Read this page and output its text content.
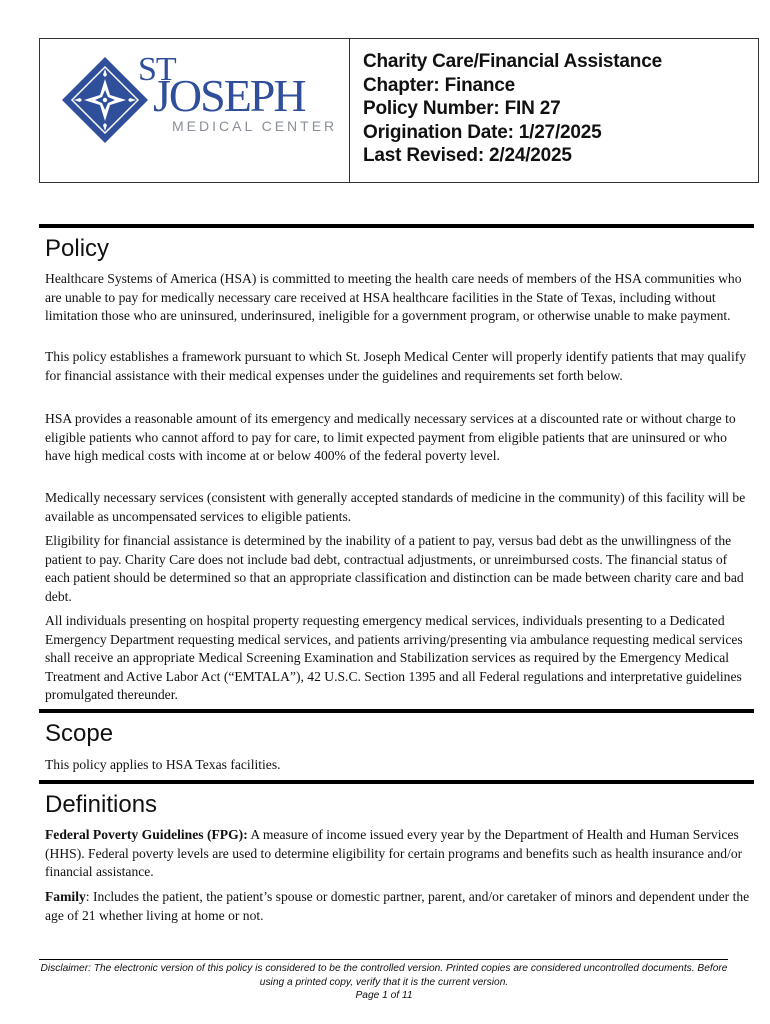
ST
JOSEPH
MEDICAL CENTER
Charity Care/Financial Assistance
Chapter: Finance
Policy Number: FIN 27
Origination Date: 1/27/2025
Last Revised: 2/24/2025
Policy

Healthcare Systems of America (HSA) is committed to meeting the health care needs of members of the HSA communities who are unable to pay for medically necessary care received at HSA healthcare facilities in the State of Texas, including without limitation those who are uninsured, underinsured, ineligible for a government program, or otherwise unable to make payment.

This policy establishes a framework pursuant to which St. Joseph Medical Center will properly identify patients that may qualify for financial assistance with their medical expenses under the guidelines and requirements set forth below.

HSA provides a reasonable amount of its emergency and medically necessary services at a discounted rate or without charge to eligible patients who cannot afford to pay for care, to limit expected payment from eligible patients that are uninsured or who have high medical costs with income at or below 400% of the federal poverty level.

Medically necessary services (consistent with generally accepted standards of medicine in the community) of this facility will be available as uncompensated services to eligible patients.

Eligibility for financial assistance is determined by the inability of a patient to pay, versus bad debt as the unwillingness of the patient to pay. Charity Care does not include bad debt, contractual adjustments, or unreimbursed costs. The financial status of each patient should be determined so that an appropriate classification and distinction can be made between charity care and bad debt.

All individuals presenting on hospital property requesting emergency medical services, individuals presenting to a Dedicated Emergency Department requesting medical services, and patients arriving/presenting via ambulance requesting medical services shall receive an appropriate Medical Screening Examination and Stabilization services as required by the Emergency Medical Treatment and Active Labor Act (“EMTALA”), 42 U.S.C. Section 1395 and all Federal regulations and interpretative guidelines promulgated thereunder.

Scope

This policy applies to HSA Texas facilities.

Definitions

Federal Poverty Guidelines (FPG): A measure of income issued every year by the Department of Health and Human Services (HHS). Federal poverty levels are used to determine eligibility for certain programs and benefits such as health insurance and/or financial assistance.

Family: Includes the patient, the patient’s spouse or domestic partner, parent, and/or caretaker of minors and dependent under the age of 21 whether living at home or not.

Disclaimer: The electronic version of this policy is considered to be the controlled version. Printed copies are considered uncontrolled documents. Before using a printed copy, verify that it is the current version.
Page 1 of 11
